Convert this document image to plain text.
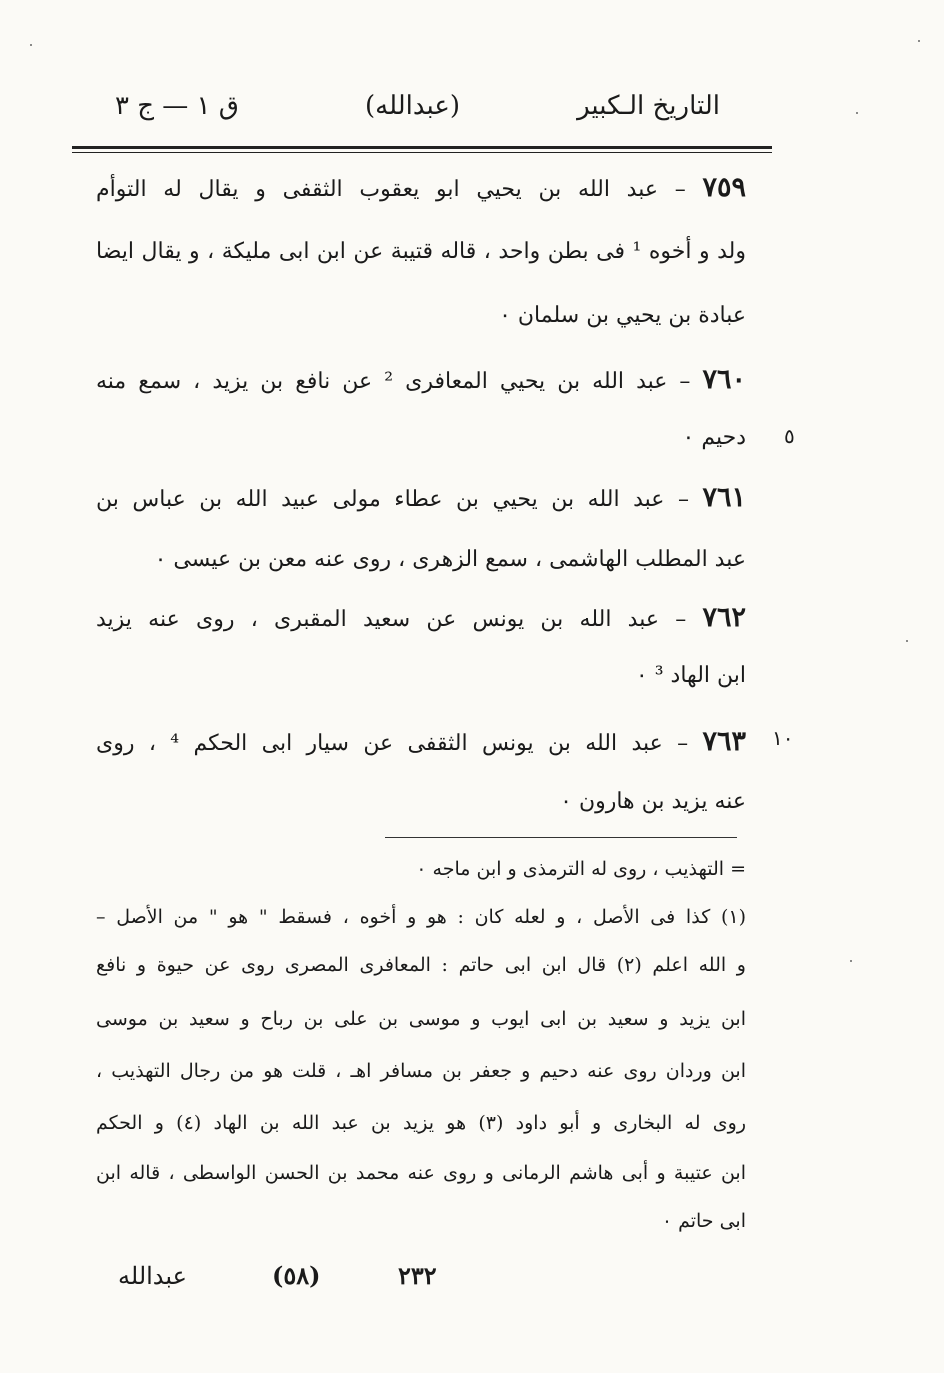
التاريخ الـكبير
(عبدالله)
ق ١ — ج ٣
٧٥٩ – عبد الله بن يحيي ابو يعقوب الثقفى و يقال له التوأم
ولد و أخوه ¹ فى بطن واحد ، قاله قتيبة عن ابن ابى مليكة ، و يقال ايضا
عبادة بن يحيي بن سلمان ٠
٧٦٠ – عبد الله بن يحيي المعافرى ² عن نافع بن يزيد ، سمع منه
دحيم ٠
٧٦١ – عبد الله بن يحيي بن عطاء مولى عبيد الله بن عباس بن
عبد المطلب الهاشمى ، سمع الزهرى ، روى عنه معن بن عيسى ٠
٧٦٢ – عبد الله بن يونس عن سعيد المقبرى ، روى عنه يزيد
ابن الهاد ³ ٠
٧٦٣ – عبد الله بن يونس الثقفى عن سيار ابى الحكم ⁴ ، روى
عنه يزيد بن هارون ٠
٥
١٠
= التهذيب ، روى له الترمذى و ابن ماجه ٠
(١) كذا فى الأصل ، و لعله كان : هو و أخوه ، فسقط " هو " من الأصل –
و الله اعلم (٢) قال ابن ابى حاتم : المعافرى المصرى روى عن حيوة و نافع
ابن يزيد و سعيد بن ابى ايوب و موسى بن على بن رباح و سعيد بن موسى
ابن وردان روى عنه دحيم و جعفر بن مسافر اهـ ، قلت هو من رجال التهذيب ،
روى له البخارى و أبو داود (٣) هو يزيد بن عبد الله بن الهاد (٤) و الحكم
ابن عتيبة و أبى هاشم الرمانى و روى عنه محمد بن الحسن الواسطى ، قاله ابن
ابى حاتم ٠
٢٣٢
(٥٨)
عبدالله
